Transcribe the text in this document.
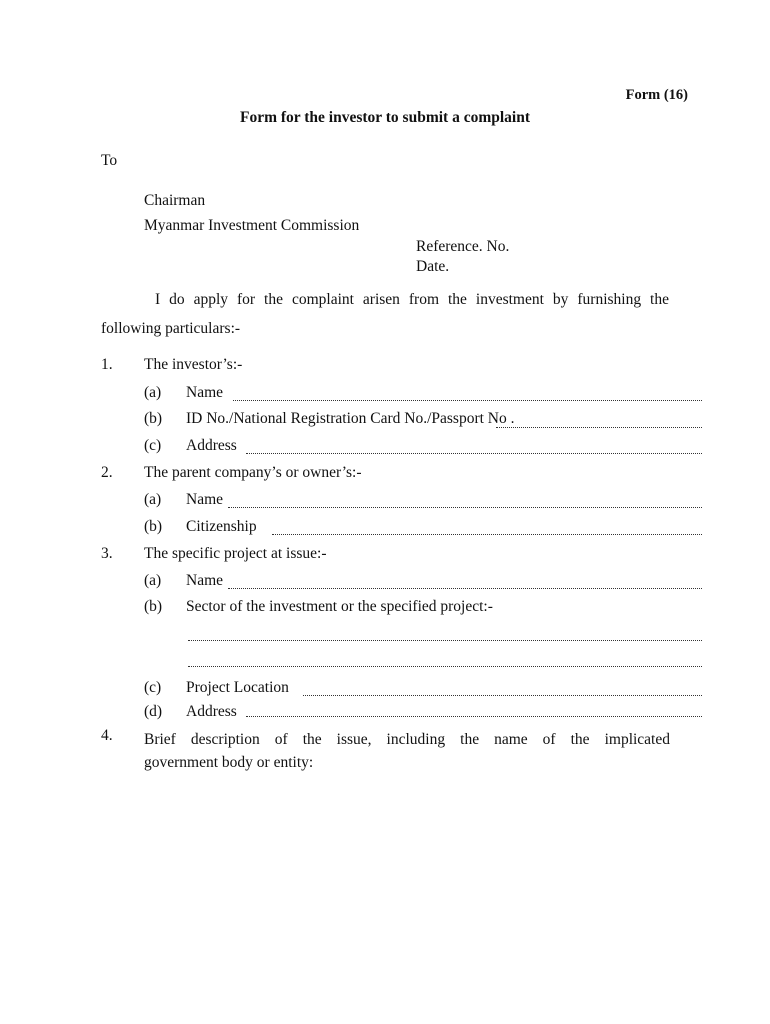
Form (16)
Form for the investor to submit a complaint
To
Chairman
Myanmar Investment Commission
Reference. No.
Date.
I do apply for the complaint arisen from the investment by furnishing the
following particulars:-
1. The investor’s:-
(a) Name
(b) ID No./National Registration Card No./Passport No .
(c) Address
2. The parent company’s or owner’s:-
(a) Name
(b) Citizenship
3. The specific project at issue:-
(a) Name
(b) Sector of the investment or the specified project:-
(c) Project Location
(d) Address
4. Brief description of the issue, including the name of the implicated
government body or entity:
